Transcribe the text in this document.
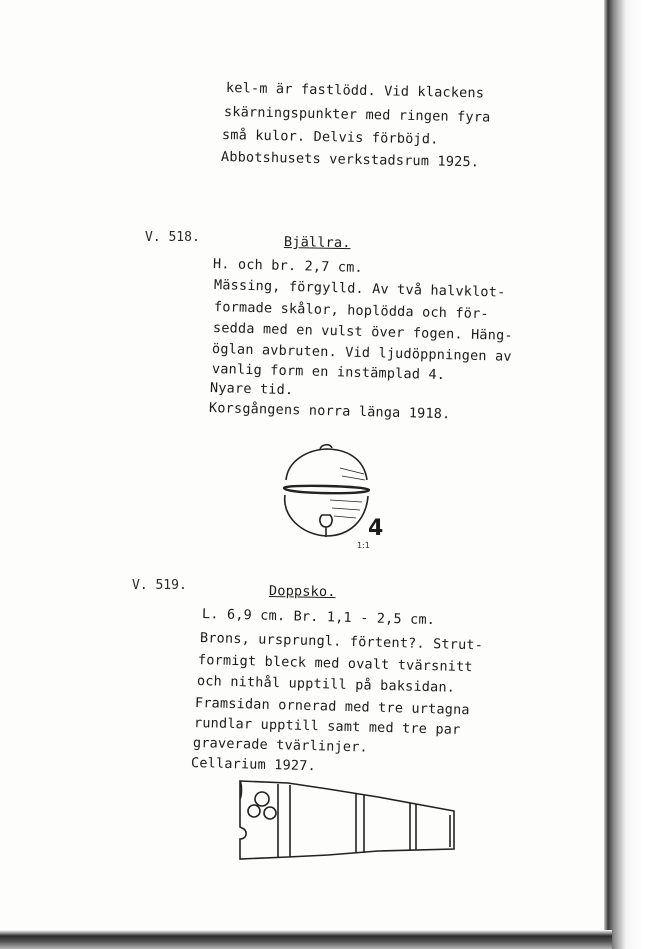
kel-m är fastlödd. Vid klackens
skärningspunkter med ringen fyra
små kulor. Delvis förböjd.
Abbotshusets verkstadsrum 1925.
V. 518.	Bjällra.
H. och br. 2,7 cm.
Mässing, förgylld. Av två halvklot-
formade skålor, hoplödda och för-
sedda med en vulst över fogen. Häng-
öglan avbruten. Vid ljudöppningen av
vanlig form en instämplad 4.
Nyare tid.
Korsgångens norra länga 1918.
4
1:1
V. 519.	Doppsko.
L. 6,9 cm. Br. 1,1 - 2,5 cm.
Brons, ursprungl. förtent?. Strut-
formigt bleck med ovalt tvärsnitt
och nithål upptill på baksidan.
Framsidan ornerad med tre urtagna
rundlar upptill samt med tre par
graverade tvärlinjer.
Cellarium 1927.
